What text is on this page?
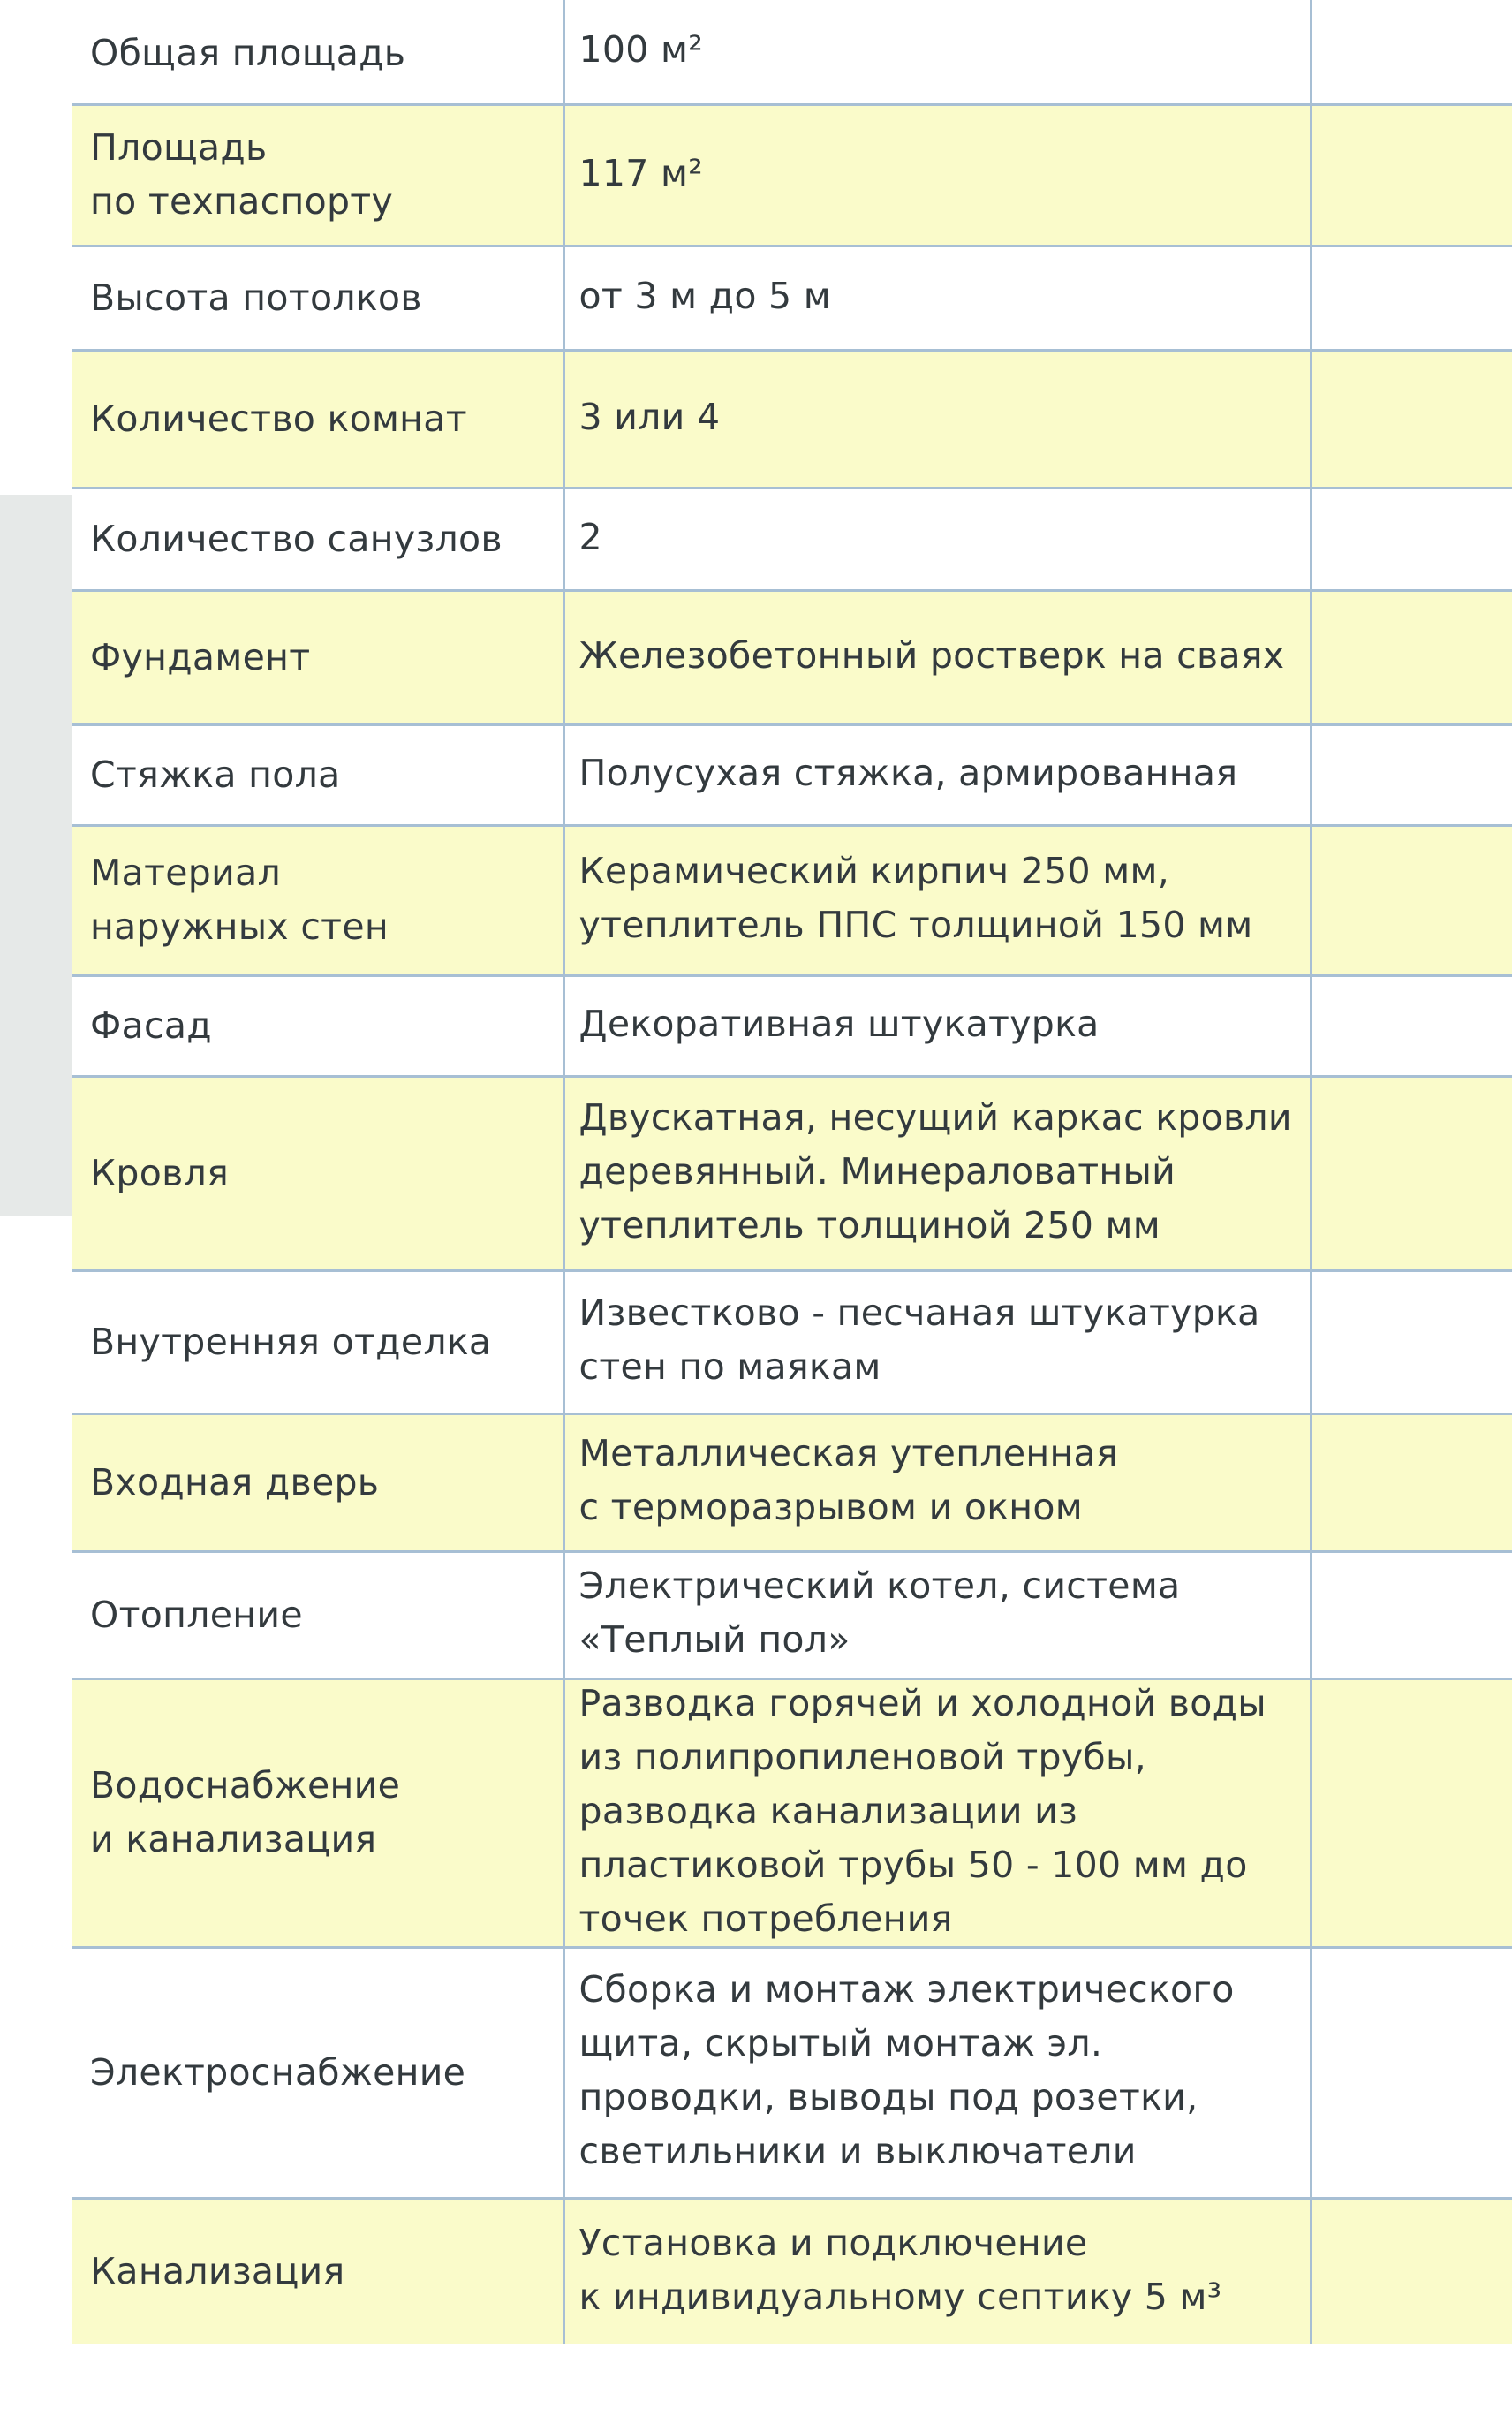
Общая площадь	100 м²	

Площадь
по техпаспорту	117 м²	

Высота потолков	от 3 м до 5 м	

Количество комнат	3 или 4	

Количество санузлов	2	

Фундамент	Железобетонный ростверк на сваях	

Стяжка пола	Полусухая стяжка, армированная	

Материал
наружных стен	Керамический кирпич 250 мм,
утеплитель ППС толщиной 150 мм	

Фасад	Декоративная штукатурка	

Кровля	Двускатная, несущий каркас кровли деревянный. Минераловатный утеплитель толщиной 250 мм	

Внутренняя отделка	Известково - песчаная штукатурка стен по маякам	

Входная дверь	Металлическая утепленная
с терморазрывом и окном	

Отопление	Электрический котел, система «Теплый пол»	

Водоснабжение
и канализация	Разводка горячей и холодной воды из полипропиленовой трубы, разводка канализации из пластиковой трубы 50 - 100 мм до точек потребления	

Электроснабжение	Сборка и монтаж электрического щита, скрытый монтаж эл. проводки, выводы под розетки, светильники и выключатели	

Канализация	Установка и подключение
к индивидуальному септику 5 м³	
